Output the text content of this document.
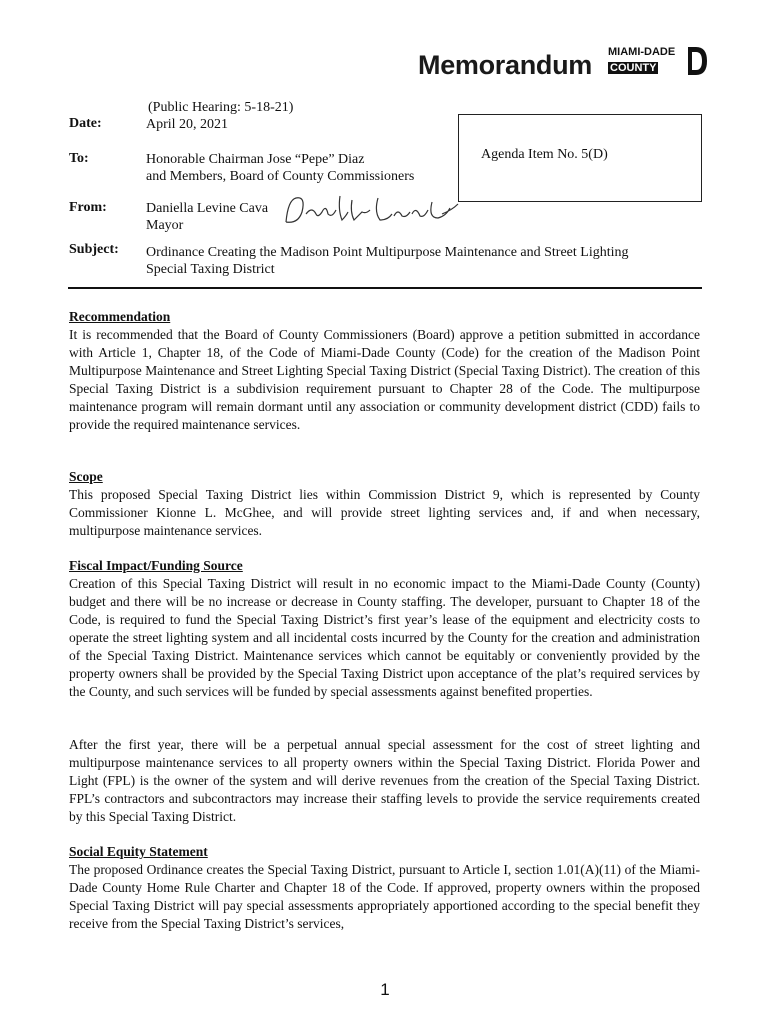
Memorandum MIAMI-DADE
COUNTY
Date:
(Public Hearing: 5-18-21)
April 20, 2021
Agenda Item No. 5(D)
To:	Honorable Chairman Jose “Pepe” Diaz
and Members, Board of County Commissioners
From:	Daniella Levine Cava
Mayor
Subject: Ordinance Creating the Madison Point Multipurpose Maintenance and Street Lighting
Special Taxing District
Recommendation

It is recommended that the Board of County Commissioners (Board) approve a petition submitted in accordance with Article 1, Chapter 18, of the Code of Miami-Dade County (Code) for the creation of the Madison Point Multipurpose Maintenance and Street Lighting Special Taxing District (Special Taxing District). The creation of this Special Taxing District is a subdivision requirement pursuant to Chapter 28 of the Code. The multipurpose maintenance program will remain dormant until any association or community development district (CDD) fails to provide the required maintenance services.

Scope

This proposed Special Taxing District lies within Commission District 9, which is represented by County Commissioner Kionne L. McGhee, and will provide street lighting services and, if and when necessary, multipurpose maintenance services.

Fiscal Impact/Funding Source

Creation of this Special Taxing District will result in no economic impact to the Miami-Dade County (County) budget and there will be no increase or decrease in County staffing. The developer, pursuant to Chapter 18 of the Code, is required to fund the Special Taxing District’s first year’s lease of the equipment and electricity costs to operate the street lighting system and all incidental costs incurred by the County for the creation and administration of the Special Taxing District. Maintenance services which cannot be equitably or conveniently provided by the property owners shall be provided by the Special Taxing District upon acceptance of the plat’s required services by the County, and such services will be funded by special assessments against benefited properties.

After the first year, there will be a perpetual annual special assessment for the cost of street lighting and multipurpose maintenance services to all property owners within the Special Taxing District. Florida Power and Light (FPL) is the owner of the system and will derive revenues from the creation of the Special Taxing District. FPL’s contractors and subcontractors may increase their staffing levels to provide the service requirements created by this Special Taxing District.

Social Equity Statement

The proposed Ordinance creates the Special Taxing District, pursuant to Article I, section 1.01(A)(11) of the Miami-Dade County Home Rule Charter and Chapter 18 of the Code. If approved, property owners within the proposed Special Taxing District will pay special assessments appropriately apportioned according to the special benefit they receive from the Special Taxing District’s services,

1
